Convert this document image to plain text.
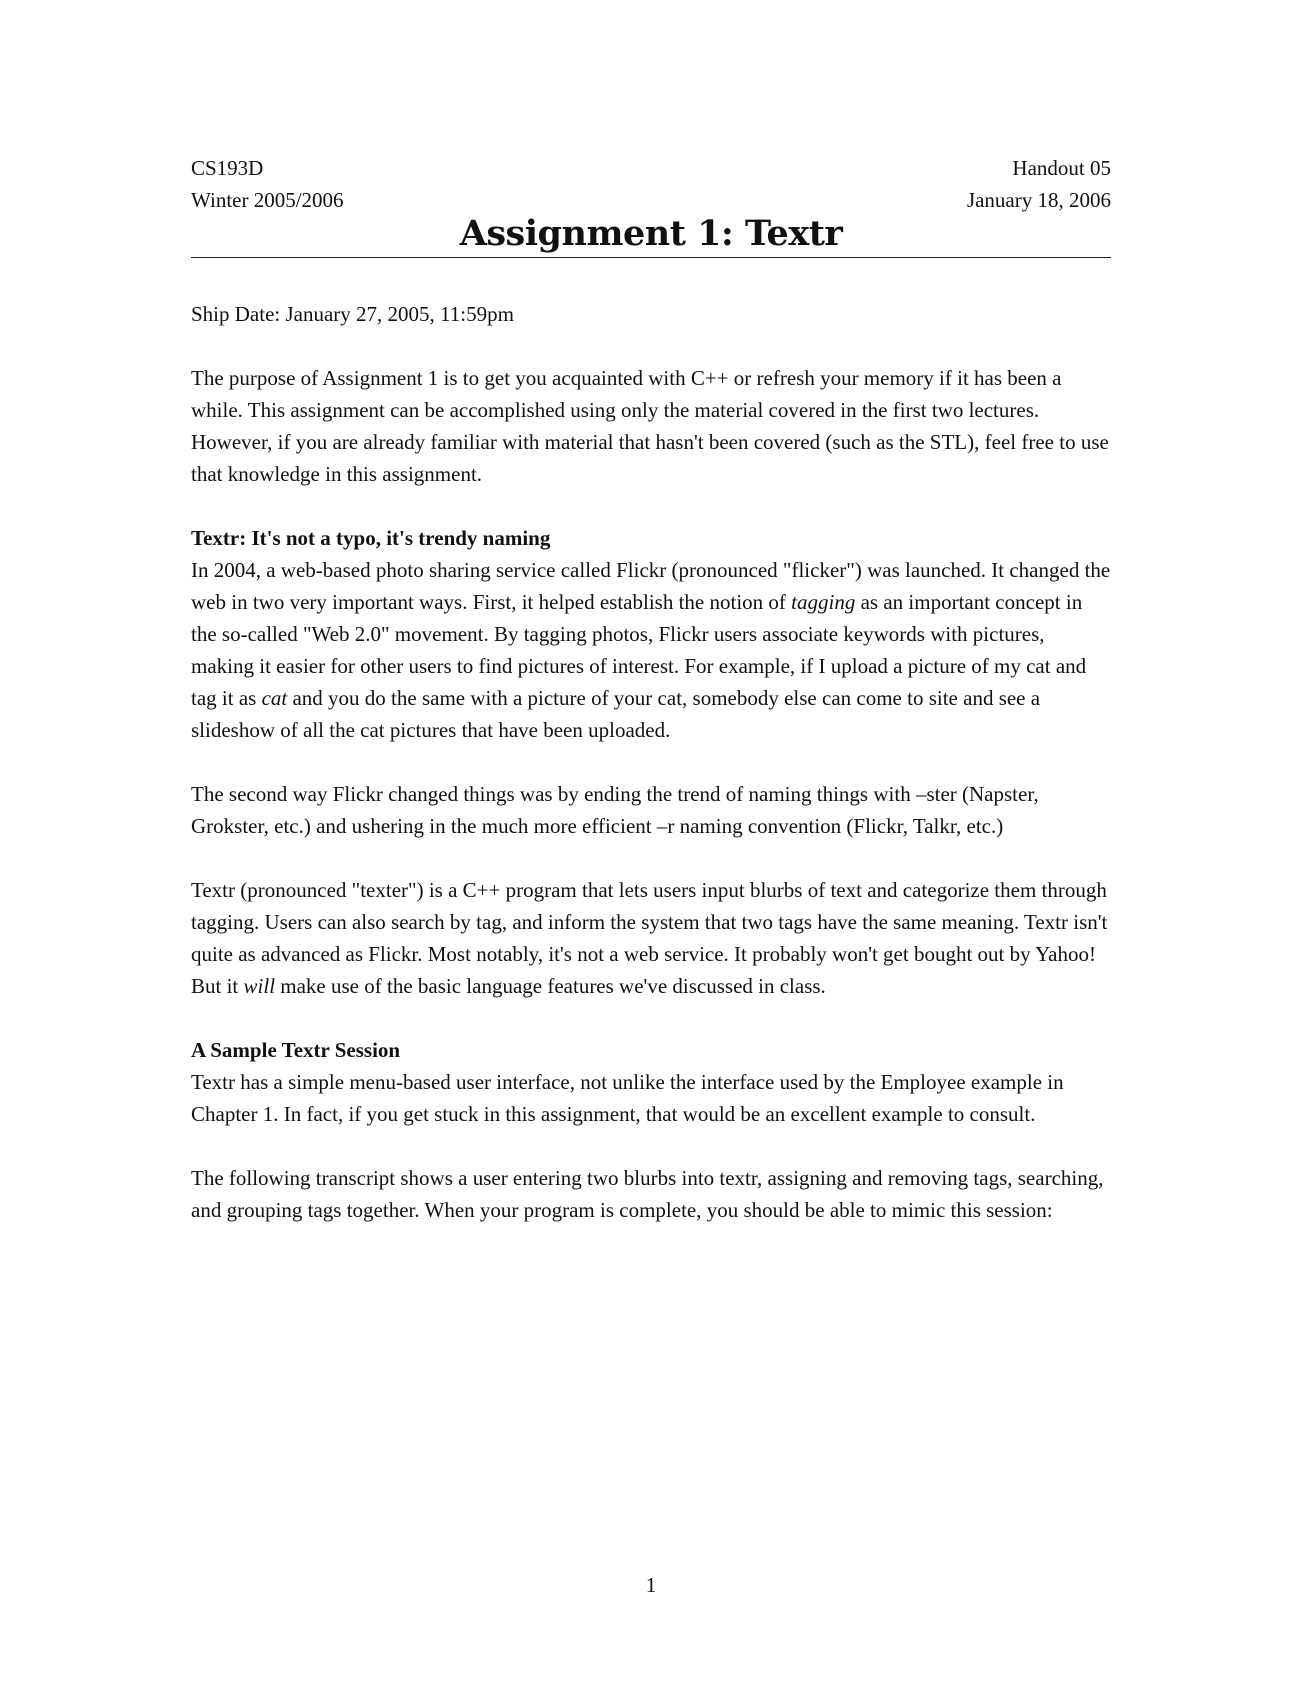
CS193D
Winter 2005/2006
Handout 05
January 18, 2006
Assignment 1: Textr

Ship Date: January 27, 2005, 11:59pm

The purpose of Assignment 1 is to get you acquainted with C++ or refresh your memory if it has been a while. This assignment can be accomplished using only the material covered in the first two lectures. However, if you are already familiar with material that hasn't been covered (such as the STL), feel free to use that knowledge in this assignment.

Textr: It's not a typo, it's trendy naming
In 2004, a web-based photo sharing service called Flickr (pronounced "flicker") was launched. It changed the web in two very important ways. First, it helped establish the notion of tagging as an important concept in the so-called "Web 2.0" movement. By tagging photos, Flickr users associate keywords with pictures, making it easier for other users to find pictures of interest. For example, if I upload a picture of my cat and tag it as cat and you do the same with a picture of your cat, somebody else can come to site and see a slideshow of all the cat pictures that have been uploaded.

The second way Flickr changed things was by ending the trend of naming things with –ster (Napster, Grokster, etc.) and ushering in the much more efficient –r naming convention (Flickr, Talkr, etc.)

Textr (pronounced "texter") is a C++ program that lets users input blurbs of text and categorize them through tagging. Users can also search by tag, and inform the system that two tags have the same meaning. Textr isn't quite as advanced as Flickr. Most notably, it's not a web service. It probably won't get bought out by Yahoo! But it will make use of the basic language features we've discussed in class.

A Sample Textr Session
Textr has a simple menu-based user interface, not unlike the interface used by the Employee example in Chapter 1. In fact, if you get stuck in this assignment, that would be an excellent example to consult.

The following transcript shows a user entering two blurbs into textr, assigning and removing tags, searching, and grouping tags together. When your program is complete, you should be able to mimic this session:

1
